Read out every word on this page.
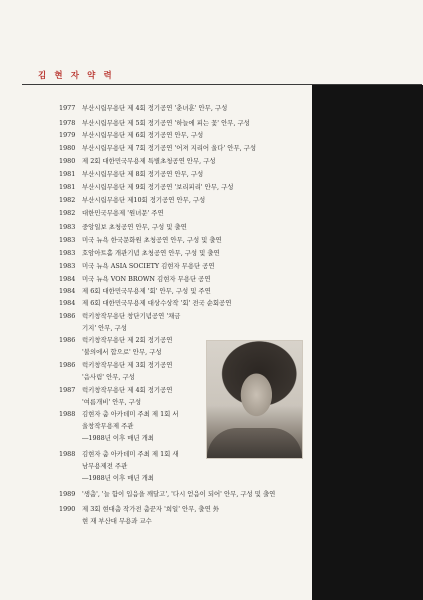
김 현 자 약 력
1977 부산시립무용단 제 4회 정기공연 '춘녀훈' 안무, 구성
1978 부산시립무용단 제 5회 정기공연 '하늘에 피는 꽃' 안무, 구성
1979 부산시립무용단 제 6회 정기공연 안무, 구성
1980 부산시립무용단 제 7회 정기공연 '어져 지리어 울다' 안무, 구성
1980 제 2회 대한민국무용제 특별초청공연 안무, 구성
1981 부산시립무용단 제 8회 정기공연 안무, 구성
1981 부산시립무용단 제 9회 정기공연 '보리피리' 안무, 구성
1982 부산시립무용단 제10회 정기공연 안무, 구성
1982 대한민국무용제 '원녀문' 주연
1983 중앙일보 초청공연 안무, 구성 및 출연
1983 미국 뉴욕 한국문화원 초청공연 안무, 구성 및 출연
1983 호암아트홀 개관기념 초청공연 안무, 구성 및 출연
1983 미국 뉴욕 ASIA SOCIETY 김현자 무용단 공연
1984 미국 뉴욕 VON BROWN 김현자 무용단 공연
1984 제 6회 대한민국무용제 '회' 안무, 구성 및 주연
1984 제 6회 대한민국무용제 대상수상작 '회' 전국 순회공연
1986 럭키창작무용단 창단기념공연 '채금
기지' 안무, 구성
1986 럭키창작무용단 제 2회 정기공연
'불의에서 합으로' 안무, 구성
1986 럭키창작무용단 제 3회 정기공연
'음사림' 안무, 구성
1987 럭키창작무용단 제 4회 정기공연
'여름개비' 안무, 구성
1988 김현자 춤 아카데미 주최 제 1회 서
울창작무용제 주관
―1988년 이후 매년 개최
1988 김현자 춤 아카데미 주최 제 1회 새
남무용제전 주관
―1988년 이후 매년 개최
1989 '생춤', '늘 함이 입음을 깨달고', '다시 얻음이 되어' 안무, 구성 및 출연
1990 제 3회 현대춤 작가전 춤꾼자 '희일' 안무, 출연 外
현 재 부산대 무용과 교수
